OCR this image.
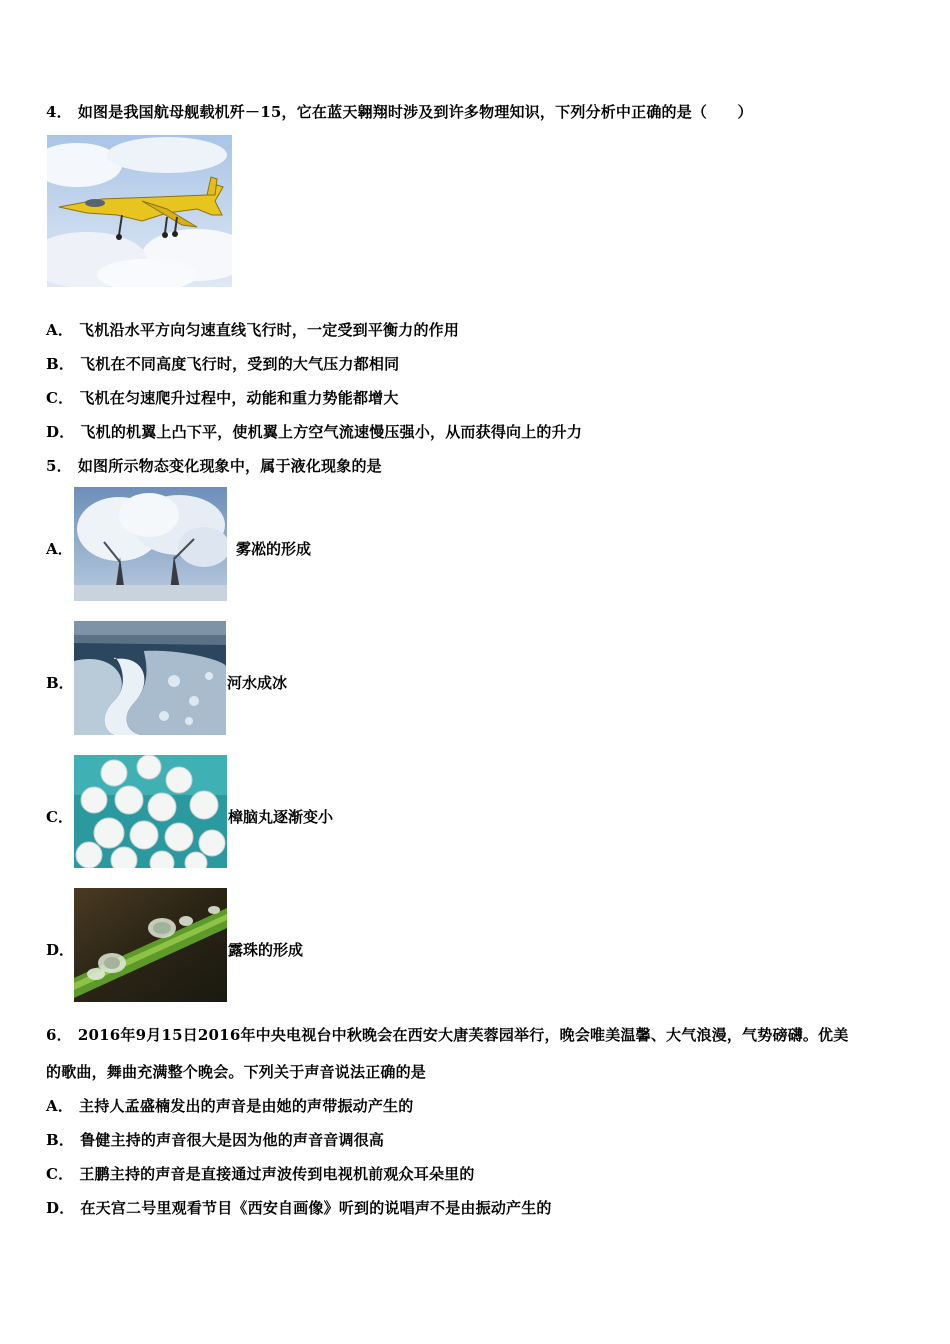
4． 如图是我国航母舰载机歼－15，它在蓝天翱翔时涉及到许多物理知识，下列分析中正确的是（　　）
A． 飞机沿水平方向匀速直线飞行时，一定受到平衡力的作用
B． 飞机在不同高度飞行时，受到的大气压力都相同
C． 飞机在匀速爬升过程中，动能和重力势能都增大
D． 飞机的机翼上凸下平，使机翼上方空气流速慢压强小，从而获得向上的升力
5． 如图所示物态变化现象中，属于液化现象的是
A．	雾凇的形成
B．	河水成冰
C．	樟脑丸逐渐变小
D．	露珠的形成
6． 2016年9月15日2016年中央电视台中秋晚会在西安大唐芙蓉园举行，晚会唯美温馨、大气浪漫，气势磅礴。优美
的歌曲，舞曲充满整个晚会。下列关于声音说法正确的是
A． 主持人孟盛楠发出的声音是由她的声带振动产生的
B． 鲁健主持的声音很大是因为他的声音音调很高
C． 王鹏主持的声音是直接通过声波传到电视机前观众耳朵里的
D． 在天宫二号里观看节目《西安自画像》听到的说唱声不是由振动产生的
